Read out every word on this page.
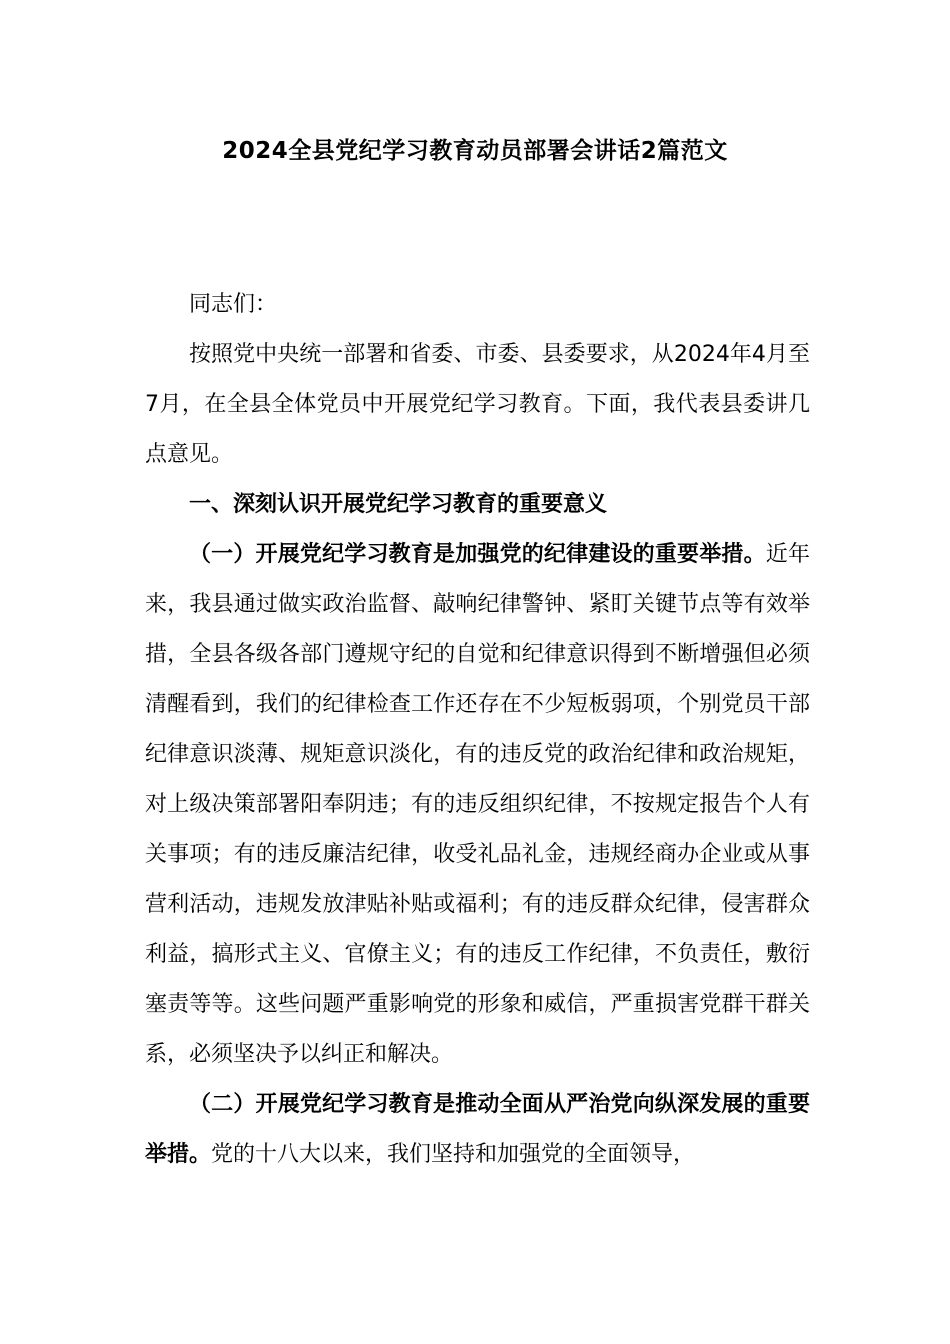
2024全县党纪学习教育动员部署会讲话2篇范文

同志们：

按照党中央统一部署和省委、市委、县委要求，从2024年4月至7月，在全县全体党员中开展党纪学习教育。下面，我代表县委讲几点意见。

一、深刻认识开展党纪学习教育的重要意义

（一）开展党纪学习教育是加强党的纪律建设的重要举措。近年来，我县通过做实政治监督、敲响纪律警钟、紧盯关键节点等有效举措，全县各级各部门遵规守纪的自觉和纪律意识得到不断增强但必须清醒看到，我们的纪律检查工作还存在不少短板弱项，个别党员干部纪律意识淡薄、规矩意识淡化，有的违反党的政治纪律和政治规矩，对上级决策部署阳奉阴违；有的违反组织纪律，不按规定报告个人有关事项；有的违反廉洁纪律，收受礼品礼金，违规经商办企业或从事营利活动，违规发放津贴补贴或福利；有的违反群众纪律，侵害群众利益，搞形式主义、官僚主义；有的违反工作纪律，不负责任，敷衍塞责等等。这些问题严重影响党的形象和威信，严重损害党群干群关系，必须坚决予以纠正和解决。

（二）开展党纪学习教育是推动全面从严治党向纵深发展的重要举措。党的十八大以来，我们坚持和加强党的全面领导，
